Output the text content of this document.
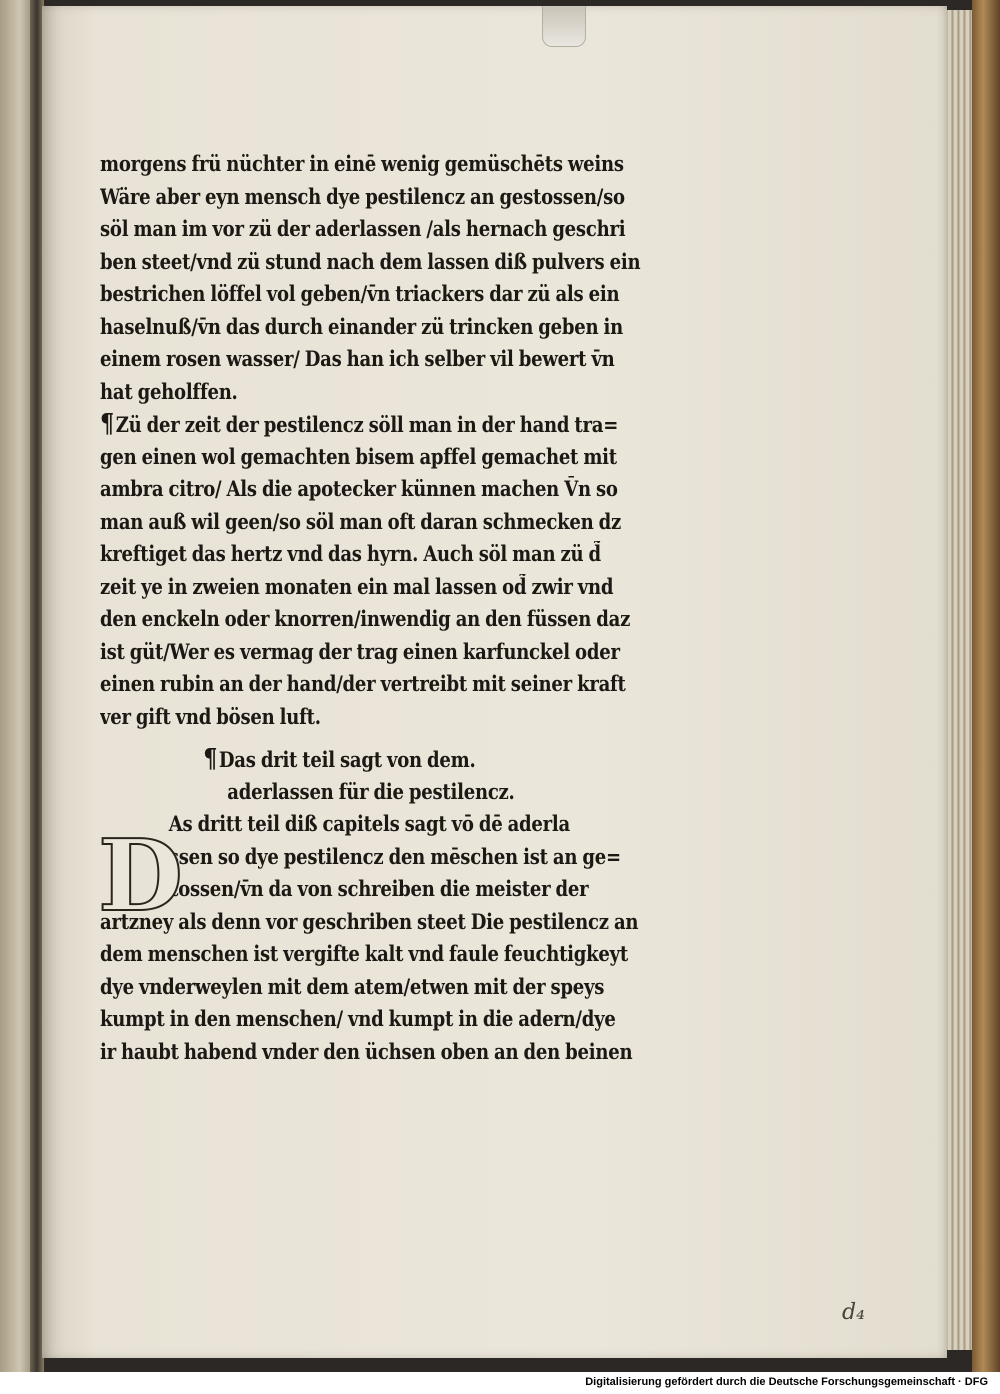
morgens frü nüchter in einē wenig gemüschēts weins
Wäre aber eyn mensch dye pestilencz an gestossen/so
söl man im vor zü der aderlassen /als hernach geschri
ben steet/vnd zü stund nach dem lassen diß pulvers ein
bestrichen löffel vol geben/v̄n triackers dar zü als ein
haselnuß/v̄n das durch einander zü trincken geben in
einem rosen wasser/ Das han ich selber vil bewert v̄n
hat geholffen.
¶Zü der zeit der pestilencz söll man in der hand tra=
gen einen wol gemachten bisem apffel gemachet mit
ambra citro/ Als die apotecker künnen machen V̄n so
man auß wil geen/so söl man oft daran schmecken dz
kreftiget das hertz vnd das hyrn. Auch söl man zü d̃
zeit ye in zweien monaten ein mal lassen od̃ zwir vnd
den enckeln oder knorren/inwendig an den füssen daz
ist güt/Wer es vermag der trag einen karfunckel oder
einen rubin an der hand/der vertreibt mit seiner kraft
ver gift vnd bösen luft.
¶Das drit teil sagt von dem.
aderlassen für die pestilencz.
As dritt teil diß capitels sagt vō dē aderla
ssen so dye pestilencz den mēschen ist an ge=
stossen/v̄n da von schreiben die meister der
artzney als denn vor geschriben steet Die pestilencz an
dem menschen ist vergifte kalt vnd faule feuchtigkeyt
dye vnderweylen mit dem atem/etwen mit der speys
kumpt in den menschen/ vnd kumpt in die adern/dye
ir haubt habend vnder den üchsen oben an den beinen
D
d₄
Digitalisierung gefördert durch die Deutsche Forschungsgemeinschaft · DFG
